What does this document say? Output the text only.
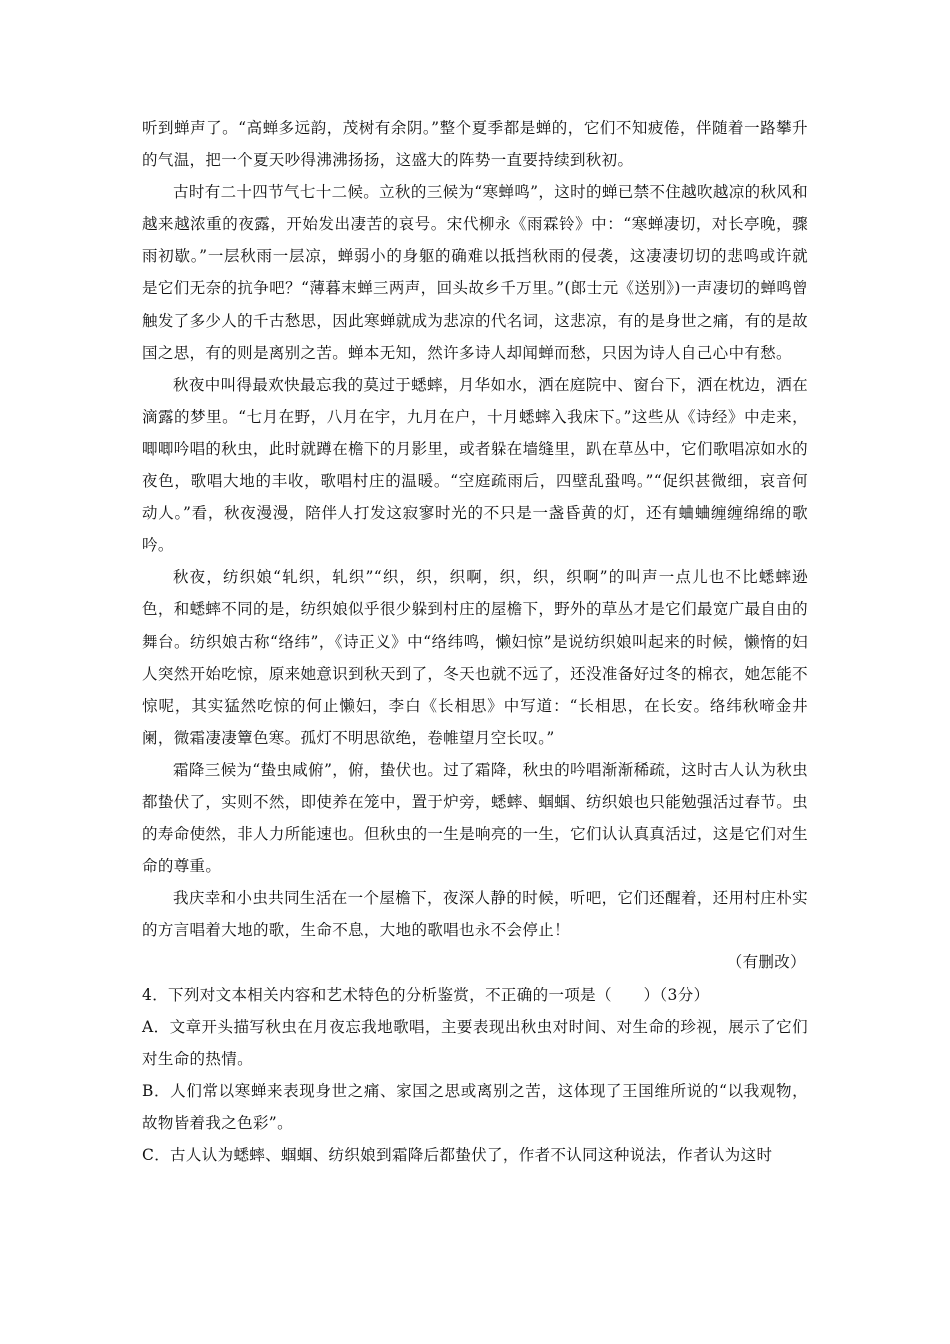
听到蝉声了。“高蝉多远韵，茂树有余阴。”整个夏季都是蝉的，它们不知疲倦，伴随着一路攀升的气温，把一个夏天吵得沸沸扬扬，这盛大的阵势一直要持续到秋初。

古时有二十四节气七十二候。立秋的三候为“寒蝉鸣”，这时的蝉已禁不住越吹越凉的秋风和越来越浓重的夜露，开始发出凄苦的哀号。宋代柳永《雨霖铃》中：“寒蝉凄切，对长亭晚，骤雨初歇。”一层秋雨一层凉，蝉弱小的身躯的确难以抵挡秋雨的侵袭，这凄凄切切的悲鸣或许就是它们无奈的抗争吧？“薄暮末蝉三两声，回头故乡千万里。”(郎士元《送别》)一声凄切的蝉鸣曾触发了多少人的千古愁思，因此寒蝉就成为悲凉的代名词，这悲凉，有的是身世之痛，有的是故国之思，有的则是离别之苦。蝉本无知，然许多诗人却闻蝉而愁，只因为诗人自己心中有愁。

秋夜中叫得最欢快最忘我的莫过于蟋蟀，月华如水，洒在庭院中、窗台下，洒在枕边，洒在滴露的梦里。“七月在野，八月在宇，九月在户，十月蟋蟀入我床下。”这些从《诗经》中走来，唧唧吟唱的秋虫，此时就蹲在檐下的月影里，或者躲在墙缝里，趴在草丛中，它们歌唱凉如水的夜色，歌唱大地的丰收，歌唱村庄的温暖。“空庭疏雨后，四壁乱蛩鸣。”“促织甚微细，哀音何动人。”看，秋夜漫漫，陪伴人打发这寂寥时光的不只是一盏昏黄的灯，还有蛐蛐缠缠绵绵的歌吟。

秋夜，纺织娘“轧织，轧织”“织，织，织啊，织，织，织啊”的叫声一点儿也不比蟋蟀逊色，和蟋蟀不同的是，纺织娘似乎很少躲到村庄的屋檐下，野外的草丛才是它们最宽广最自由的舞台。纺织娘古称“络纬”，《诗正义》中“络纬鸣，懒妇惊”是说纺织娘叫起来的时候，懒惰的妇人突然开始吃惊，原来她意识到秋天到了，冬天也就不远了，还没准备好过冬的棉衣，她怎能不惊呢，其实猛然吃惊的何止懒妇，李白《长相思》中写道：“长相思，在长安。络纬秋啼金井阑，微霜凄凄簟色寒。孤灯不明思欲绝，卷帷望月空长叹。”

霜降三候为“蛰虫咸俯”，俯，蛰伏也。过了霜降，秋虫的吟唱渐渐稀疏，这时古人认为秋虫都蛰伏了，实则不然，即使养在笼中，置于炉旁，蟋蟀、蝈蝈、纺织娘也只能勉强活过春节。虫的寿命使然，非人力所能速也。但秋虫的一生是响亮的一生，它们认认真真活过，这是它们对生命的尊重。

我庆幸和小虫共同生活在一个屋檐下，夜深人静的时候，听吧，它们还醒着，还用村庄朴实的方言唱着大地的歌，生命不息，大地的歌唱也永不会停止！

（有删改）

4．下列对文本相关内容和艺术特色的分析鉴赏，不正确的一项是（　　）（3分）

A．文章开头描写秋虫在月夜忘我地歌唱，主要表现出秋虫对时间、对生命的珍视，展示了它们对生命的热情。

B．人们常以寒蝉来表现身世之痛、家国之思或离别之苦，这体现了王国维所说的“以我观物，故物皆着我之色彩”。

C．古人认为蟋蟀、蝈蝈、纺织娘到霜降后都蛰伏了，作者不认同这种说法，作者认为这时
